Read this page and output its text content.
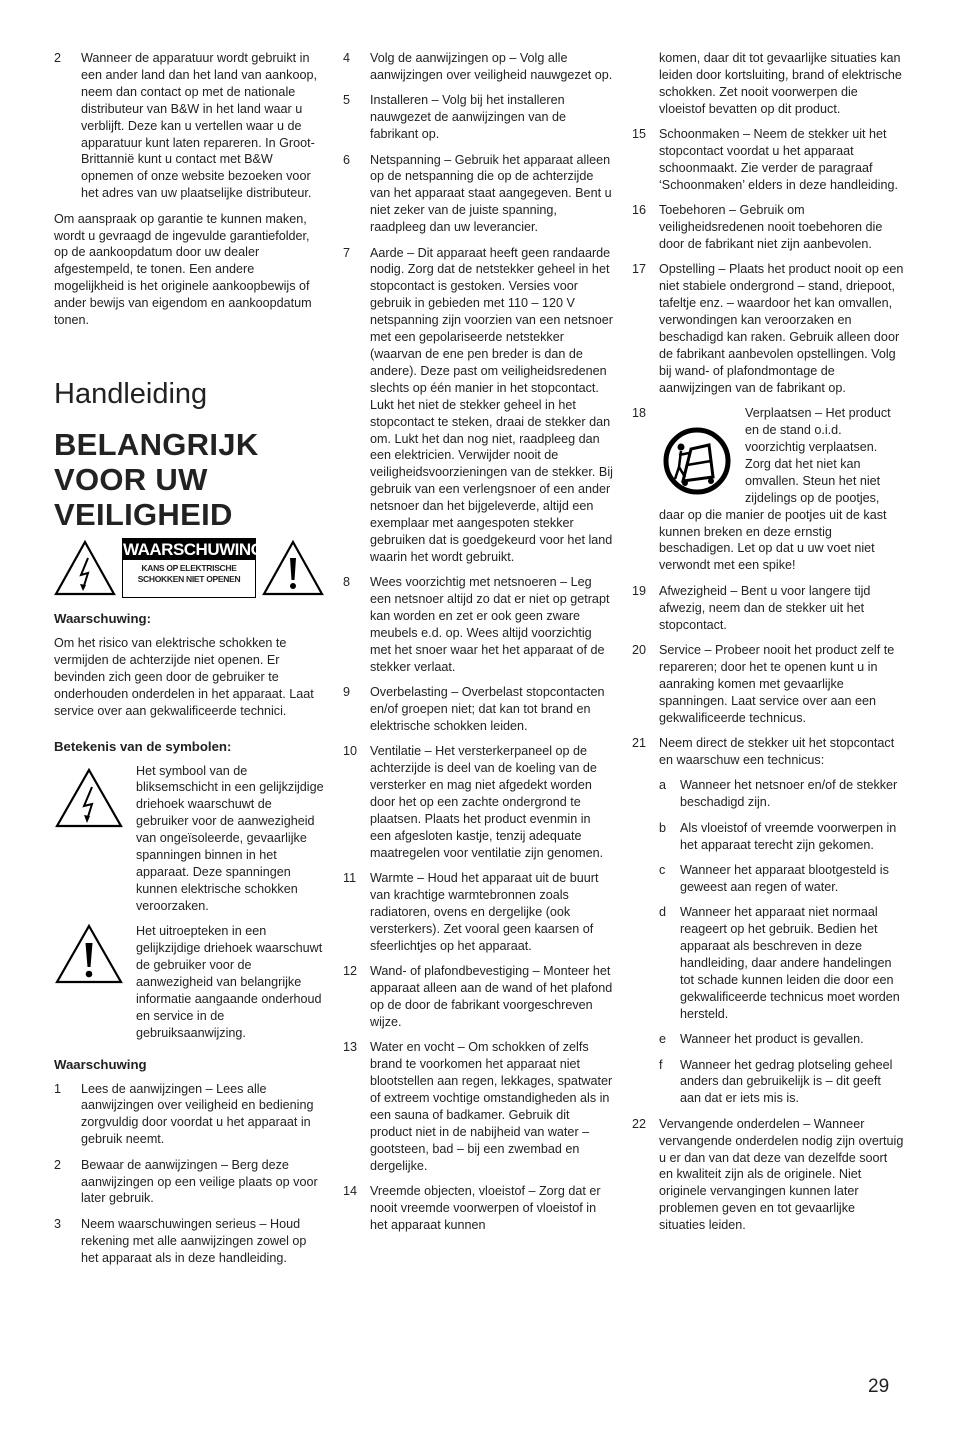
2	Wanneer de apparatuur wordt gebruikt in een ander land dan het land van aankoop, neem dan contact op met de nationale distributeur van B&W in het land waar u verblijft. Deze kan u vertellen waar u de apparatuur kunt laten repareren. In Groot-Brittannië kunt u contact met B&W opnemen of onze website bezoeken voor het adres van uw plaatselijke distributeur.

Om aanspraak op garantie te kunnen maken, wordt u gevraagd de ingevulde garantiefolder, op de aankoopdatum door uw dealer afgestempeld, te tonen. Een andere mogelijkheid is het originele aankoopbewijs of ander bewijs van eigendom en aankoopdatum tonen.

Handleiding
BELANGRIJK VOOR UW VEILIGHEID
WAARSCHUWING
KANS OP ELEKTRISCHE SCHOKKEN NIET OPENEN
Waarschuwing:

Om het risico van elektrische schokken te vermijden de achterzijde niet openen. Er bevinden zich geen door de gebruiker te onderhouden onderdelen in het apparaat. Laat service over aan gekwalificeerde technici.

Betekenis van de symbolen:
Het symbool van de bliksemschicht in een gelijkzijdige driehoek waarschuwt de gebruiker voor de aanwezigheid van ongeïsoleerde, gevaarlijke spanningen binnen in het apparaat. Deze spanningen kunnen elektrische schokken veroorzaken.
Het uitroepteken in een gelijkzijdige driehoek waarschuwt de gebruiker voor de aanwezigheid van belangrijke informatie aangaande onderhoud en service in de gebruiksaanwijzing.
Waarschuwing
1	Lees de aanwijzingen – Lees alle aanwijzingen over veiligheid en bediening zorgvuldig door voordat u het apparaat in gebruik neemt.
2	Bewaar de aanwijzingen – Berg deze aanwijzingen op een veilige plaats op voor later gebruik.
3	Neem waarschuwingen serieus – Houd rekening met alle aanwijzingen zowel op het apparaat als in deze handleiding.
4	Volg de aanwijzingen op – Volg alle aanwijzingen over veiligheid nauwgezet op.
5	Installeren – Volg bij het installeren nauwgezet de aanwijzingen van de fabrikant op.
6	Netspanning – Gebruik het apparaat alleen op de netspanning die op de achterzijde van het apparaat staat aangegeven. Bent u niet zeker van de juiste spanning, raadpleeg dan uw leverancier.
7	Aarde – Dit apparaat heeft geen randaarde nodig. Zorg dat de netstekker geheel in het stopcontact is gestoken. Versies voor gebruik in gebieden met 110 – 120 V netspanning zijn voorzien van een netsnoer met een gepolariseerde netstekker (waarvan de ene pen breder is dan de andere). Deze past om veiligheidsredenen slechts op één manier in het stopcontact. Lukt het niet de stekker geheel in het stopcontact te steken, draai de stekker dan om. Lukt het dan nog niet, raadpleeg dan een elektricien. Verwijder nooit de veiligheidsvoorzieningen van de stekker. Bij gebruik van een verlengsnoer of een ander netsnoer dan het bijgeleverde, altijd een exemplaar met aangespoten stekker gebruiken dat is goedgekeurd voor het land waarin het wordt gebruikt.
8	Wees voorzichtig met netsnoeren – Leg een netsnoer altijd zo dat er niet op getrapt kan worden en zet er ook geen zware meubels e.d. op. Wees altijd voorzichtig met het snoer waar het het apparaat of de stekker verlaat.
9	Overbelasting – Overbelast stopcontacten en/of groepen niet; dat kan tot brand en elektrische schokken leiden.
10	Ventilatie – Het versterkerpaneel op de achterzijde is deel van de koeling van de versterker en mag niet afgedekt worden door het op een zachte ondergrond te plaatsen. Plaats het product evenmin in een afgesloten kastje, tenzij adequate maatregelen voor ventilatie zijn genomen.
11	Warmte – Houd het apparaat uit de buurt van krachtige warmtebronnen zoals radiatoren, ovens en dergelijke (ook versterkers). Zet vooral geen kaarsen of sfeerlichtjes op het apparaat.
12	Wand- of plafondbevestiging – Monteer het apparaat alleen aan de wand of het plafond op de door de fabrikant voorgeschreven wijze.
13	Water en vocht – Om schokken of zelfs brand te voorkomen het apparaat niet blootstellen aan regen, lekkages, spatwater of extreem vochtige omstandigheden als in een sauna of badkamer. Gebruik dit product niet in de nabijheid van water – gootsteen, bad – bij een zwembad en dergelijke.
14	Vreemde objecten, vloeistof – Zorg dat er nooit vreemde voorwerpen of vloeistof in het apparaat kunnen
komen, daar dit tot gevaarlijke situaties kan leiden door kortsluiting, brand of elektrische schokken. Zet nooit voorwerpen die vloeistof bevatten op dit product.
15	Schoonmaken – Neem de stekker uit het stopcontact voordat u het apparaat schoonmaakt. Zie verder de paragraaf ‘Schoonmaken’ elders in deze handleiding.
16	Toebehoren – Gebruik om veiligheidsredenen nooit toebehoren die door de fabrikant niet zijn aanbevolen.
17	Opstelling – Plaats het product nooit op een niet stabiele ondergrond – stand, driepoot, tafeltje enz. – waardoor het kan omvallen, verwondingen kan veroorzaken en beschadigd kan raken. Gebruik alleen door de fabrikant aanbevolen opstellingen. Volg bij wand- of plafondmontage de aanwijzingen van de fabrikant op.
18	Verplaatsen – Het product en de stand o.i.d. voorzichtig verplaatsen. Zorg dat het niet kan omvallen. Steun het niet zijdelings op de pootjes, daar op die manier de pootjes uit de kast kunnen breken en deze ernstig beschadigen. Let op dat u uw voet niet verwondt met een spike!
19	Afwezigheid – Bent u voor langere tijd afwezig, neem dan de stekker uit het stopcontact.
20	Service – Probeer nooit het product zelf te repareren; door het te openen kunt u in aanraking komen met gevaarlijke spanningen. Laat service over aan een gekwalificeerde technicus.
21	Neem direct de stekker uit het stopcontact en waarschuw een technicus:
a	Wanneer het netsnoer en/of de stekker beschadigd zijn.
b	Als vloeistof of vreemde voorwerpen in het apparaat terecht zijn gekomen.
c	Wanneer het apparaat blootgesteld is geweest aan regen of water.
d	Wanneer het apparaat niet normaal reageert op het gebruik. Bedien het apparaat als beschreven in deze handleiding, daar andere handelingen tot schade kunnen leiden die door een gekwalificeerde technicus moet worden hersteld.
e	Wanneer het product is gevallen.
f	Wanneer het gedrag plotseling geheel anders dan gebruikelijk is – dit geeft aan dat er iets mis is.
22	Vervangende onderdelen – Wanneer vervangende onderdelen nodig zijn overtuig u er dan van dat deze van dezelfde soort en kwaliteit zijn als de originele. Niet originele vervangingen kunnen later problemen geven en tot gevaarlijke situaties leiden.
29
